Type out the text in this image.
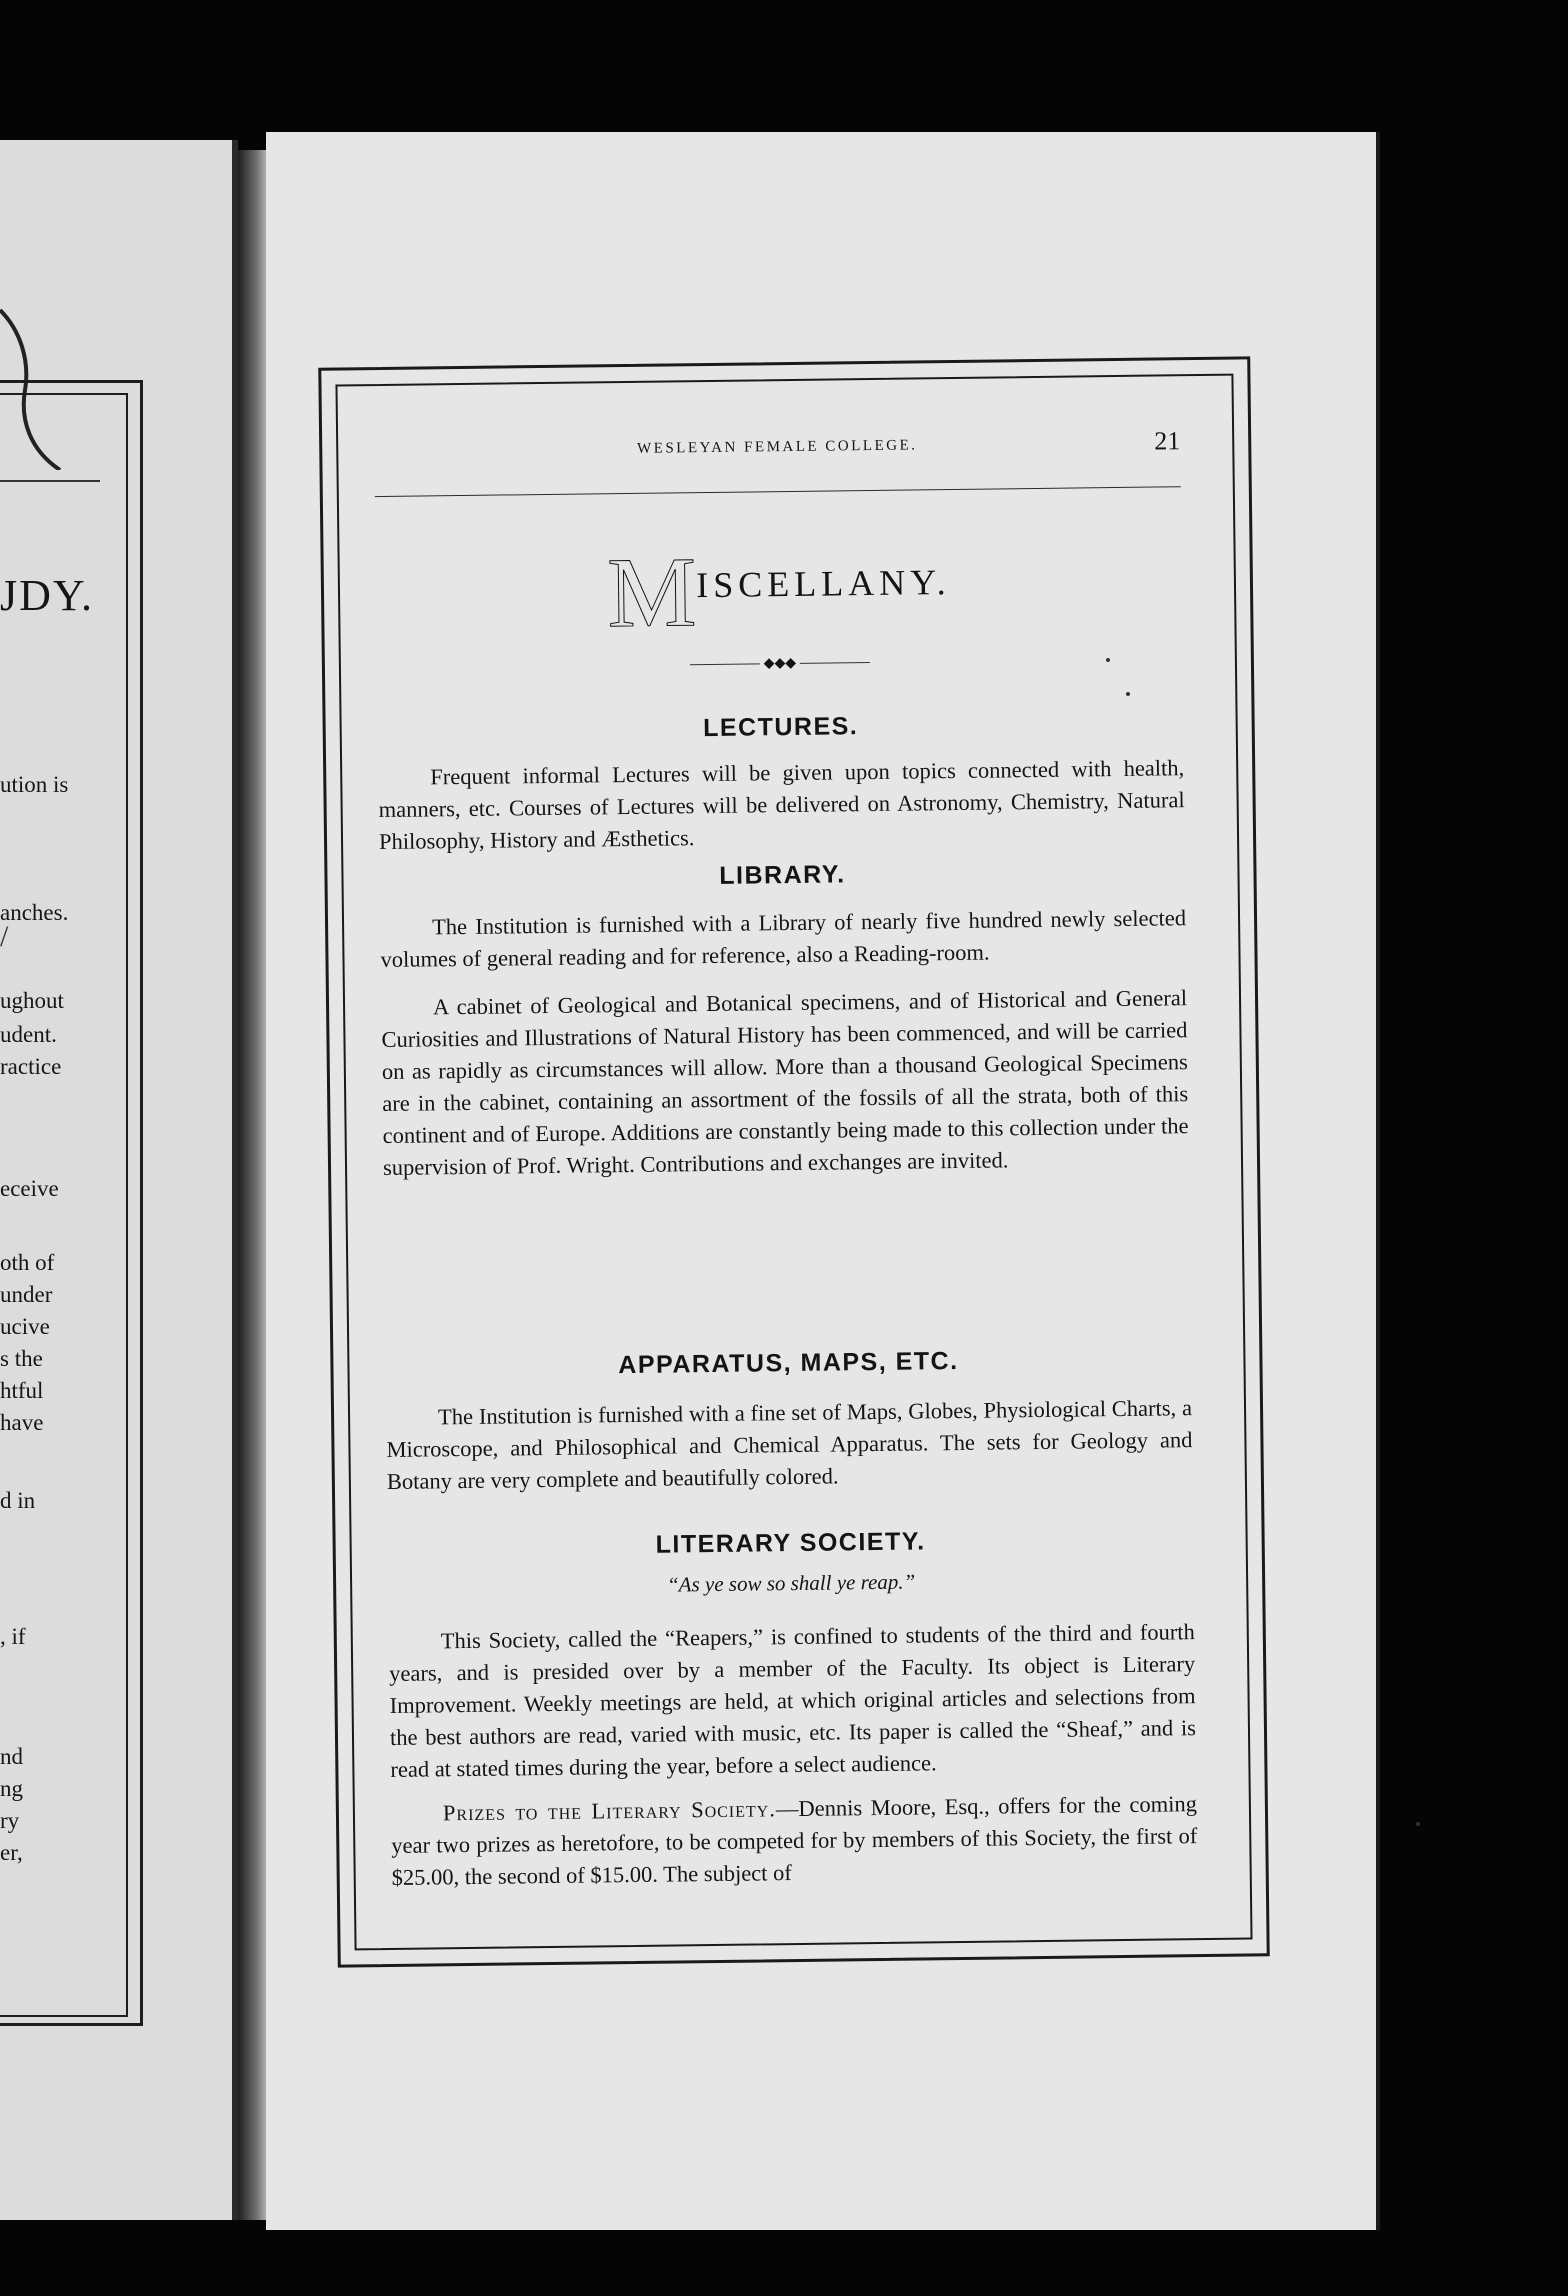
JDY.
ution is
anches.
ughout
udent.
ractice
eceive
oth of
under
ucive
s the
htful
have
d in
, if
nd
ng
ry
er,
/
WESLEYAN FEMALE COLLEGE.	21
MISCELLANY.
◆◆◆
LECTURES.

Frequent informal Lectures will be given upon topics connected with health, manners, etc. Courses of Lectures will be delivered on Astronomy, Chemistry, Natural Philosophy, History and Æsthetics.

LIBRARY.

The Institution is furnished with a Library of nearly five hundred newly selected volumes of general reading and for reference, also a Reading-room.

A cabinet of Geological and Botanical specimens, and of Historical and General Curiosities and Illustrations of Natural History has been commenced, and will be carried on as rapidly as circumstances will allow. More than a thousand Geological Specimens are in the cabinet, containing an assortment of the fossils of all the strata, both of this continent and of Europe. Additions are constantly being made to this collection under the supervision of Prof. Wright. Contributions and exchanges are invited.

APPARATUS, MAPS, ETC.

The Institution is furnished with a fine set of Maps, Globes, Physiological Charts, a Microscope, and Philosophical and Chemical Apparatus. The sets for Geology and Botany are very complete and beautifully colored.

LITERARY SOCIETY.
“As ye sow so shall ye reap.”

This Society, called the “Reapers,” is confined to students of the third and fourth years, and is presided over by a member of the Faculty. Its object is Literary Improvement. Weekly meetings are held, at which original articles and selections from the best authors are read, varied with music, etc. Its paper is called the “Sheaf,” and is read at stated times during the year, before a select audience.

Prizes to the Literary Society.—Dennis Moore, Esq., offers for the coming year two prizes as heretofore, to be competed for by members of this Society, the first of $25.00, the second of $15.00. The subject of
